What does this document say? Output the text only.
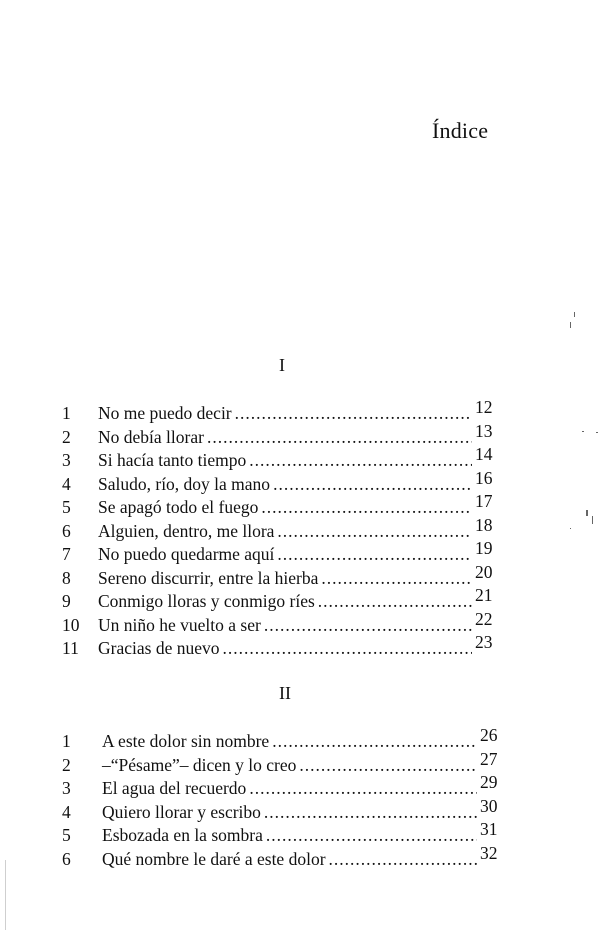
Índice
I
1	No me puedo decir .....	12
2	No debía llorar .....	13
3	Si hacía tanto tiempo .....	14
4	Saludo, río, doy la mano .....	16
5	Se apagó todo el fuego .....	17
6	Alguien, dentro, me llora .....	18
7	No puedo quedarme aquí .....	19
8	Sereno discurrir, entre la hierba .....	20
9	Conmigo lloras y conmigo ríes .....	21
10	Un niño he vuelto a ser .....	22
11	Gracias de nuevo .....	23
II
1	A este dolor sin nombre .....	26
2	–“Pésame”– dicen y lo creo .....	27
3	El agua del recuerdo .....	29
4	Quiero llorar y escribo .....	30
5	Esbozada en la sombra .....	31
6	Qué nombre le daré a este dolor .....	32
